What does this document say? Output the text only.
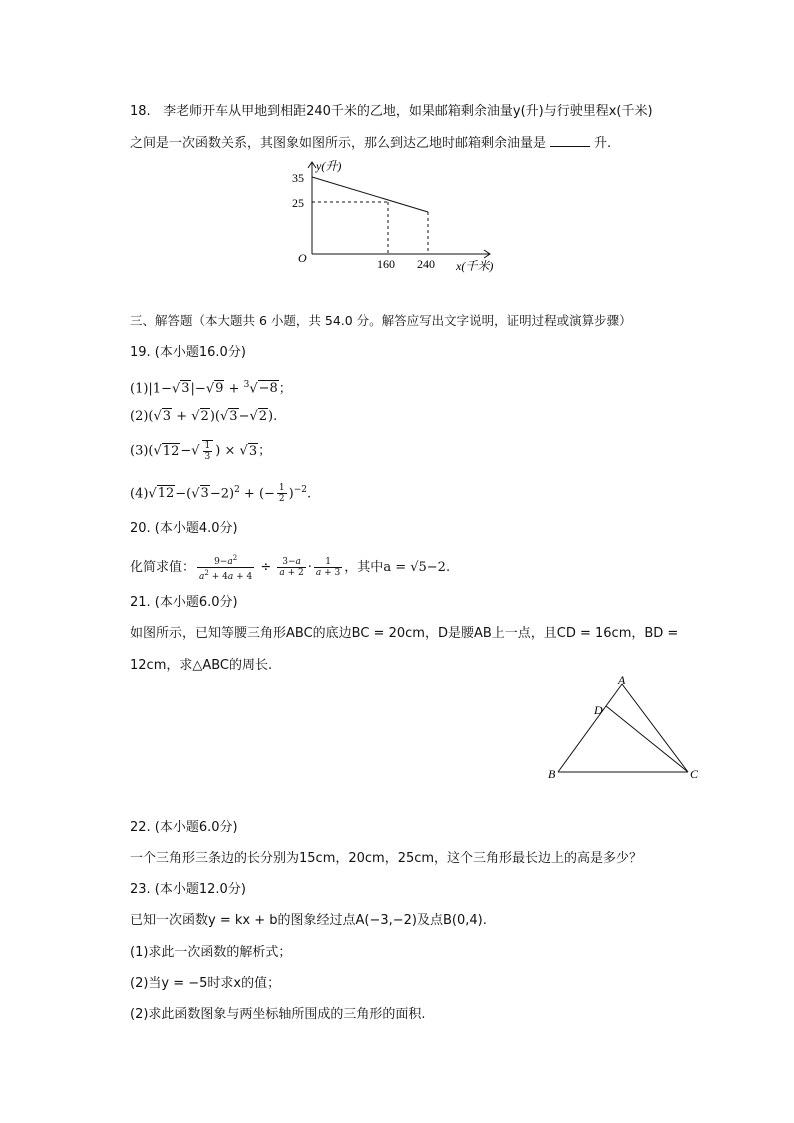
18. 李老师开车从甲地到相距240千米的乙地，如果邮箱剩余油量y(升)与行驶里程x(千米)
之间是一次函数关系，其图象如图所示，那么到达乙地时邮箱剩余油量是	升.
y(升)
35
25
O	160 240 x(千米)
三、解答题（本大题共 6 小题，共 54.0 分。解答应写出文字说明，证明过程或演算步骤）
19. (本小题16.0分)
(1)|1−√3|−√9 + $^3$√−8；
(2)(√3 + √2)(√3−√2).
$(3)(√12-√ \frac{1}{3}$ ) × √3；
$(4)√12-(√3-2)^2$ + (− $\frac{1}{2} )^{-2}$.
20. (本小题4.0分)
化简求值： $\frac{9-a^2}{a^2 + 4a + 4} \div \frac{3-a}{a + 2} \cdot \frac{1}{a + 3}$ ，其中a = √5−2.
21. (本小题6.0分)
如图所示，已知等腰三角形ABC的底边BC = 20cm，D是腰AB上一点，且CD = 16cm，BD =
12cm，求△ABC的周长.
A
D
B	C
22. (本小题6.0分)
一个三角形三条边的长分别为15cm，20cm，25cm，这个三角形最长边上的高是多少？
23. (本小题12.0分)
已知一次函数y = kx + b的图象经过点A(−3,−2)及点B(0,4).
(1)求此一次函数的解析式；
(2)当y = −5时求x的值；
(2)求此函数图象与两坐标轴所围成的三角形的面积.
